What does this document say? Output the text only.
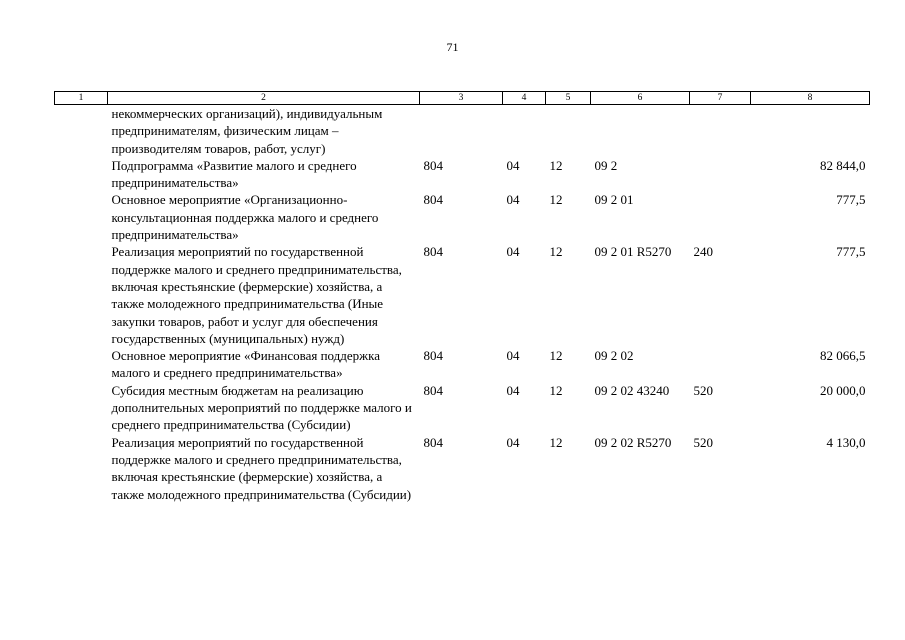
71
1	2	3	4	5	6	7	8
	некоммерческих организаций), индивидуальным предпринимателям, физическим лицам – производителям товаров, работ, услуг)						
	Подпрограмма «Развитие малого и среднего предпринимательства»	804	04	12	09 2		82 844,0
	Основное мероприятие «Организационно-консультационная поддержка малого и среднего предпринимательства»	804	04	12	09 2 01		777,5
	Реализация мероприятий по государственной поддержке малого и среднего предпринимательства, включая крестьянские (фермерские) хозяйства, а также молодежного предпринимательства (Иные закупки товаров, работ и услуг для обеспечения государственных (муниципальных) нужд)	804	04	12	09 2 01 R5270	240	777,5
	Основное мероприятие «Финансовая поддержка малого и среднего предпринимательства»	804	04	12	09 2 02		82 066,5
	Субсидия местным бюджетам на реализацию дополнительных мероприятий по поддержке малого и среднего предпринимательства (Субсидии)	804	04	12	09 2 02 43240	520	20 000,0
	Реализация мероприятий по государственной поддержке малого и среднего предпринимательства, включая крестьянские (фермерские) хозяйства, а также молодежного предпринимательства (Субсидии)	804	04	12	09 2 02 R5270	520	4 130,0
